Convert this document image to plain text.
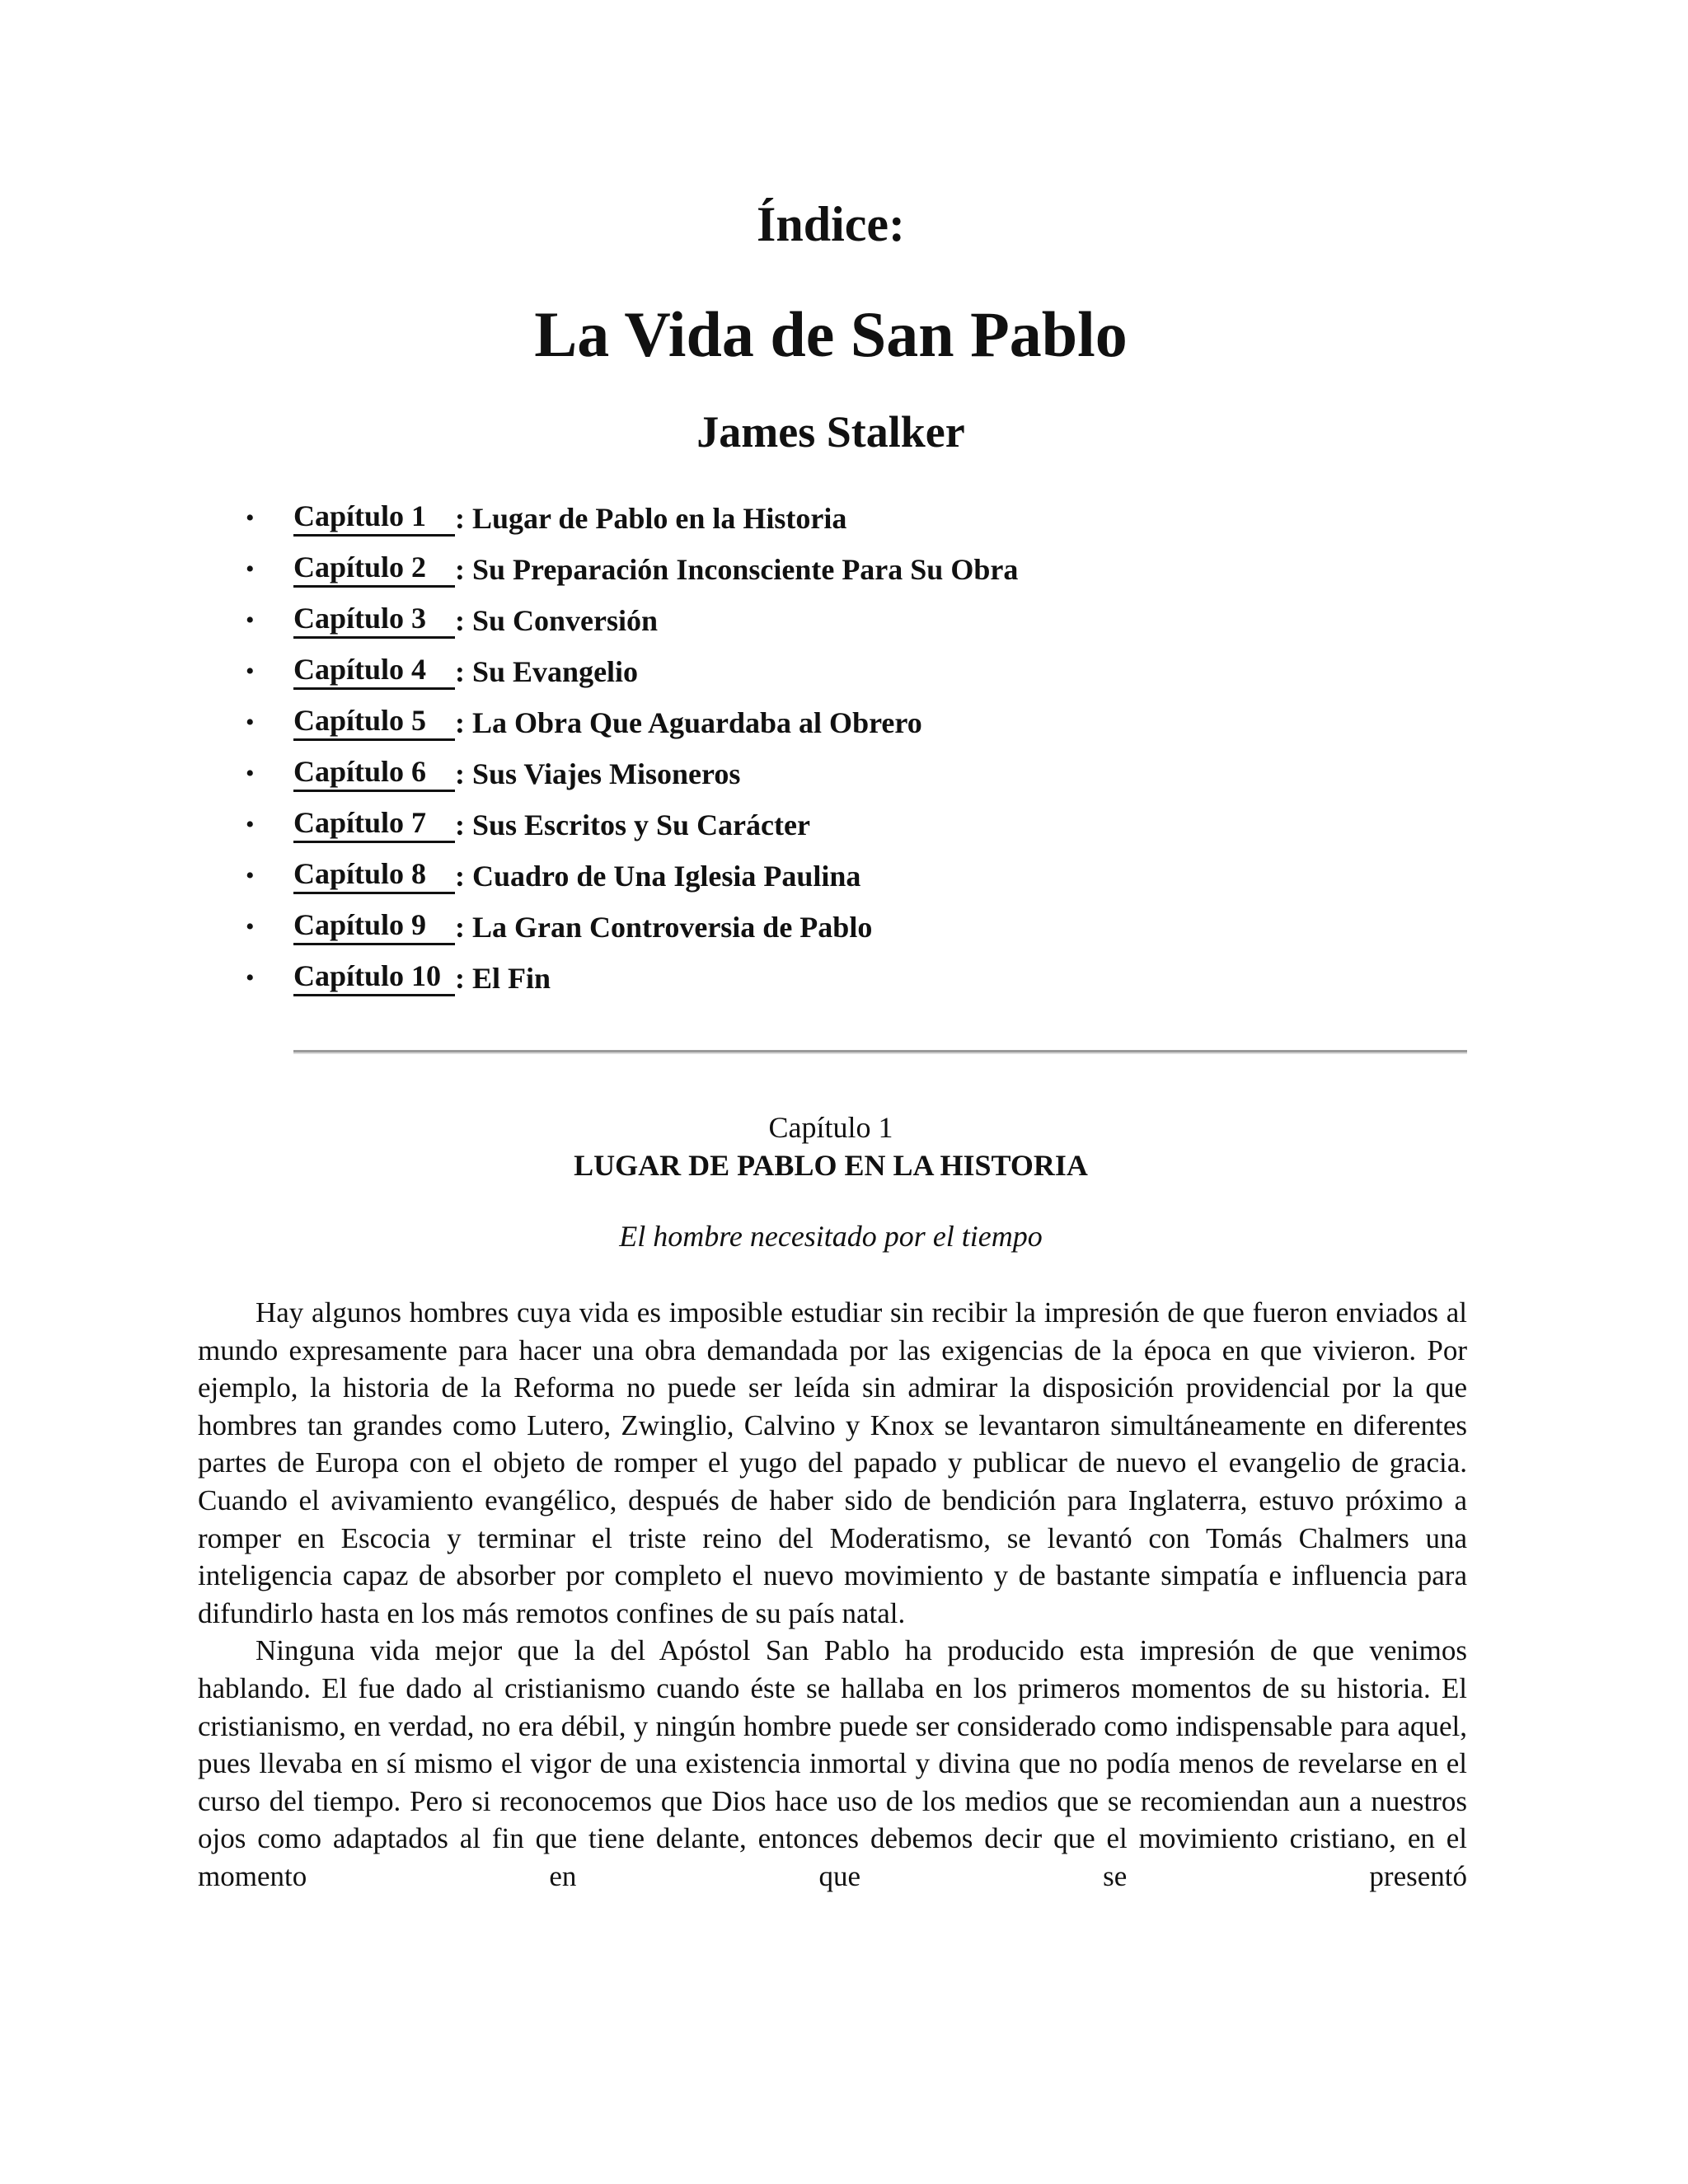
Índice:
La Vida de San Pablo
James Stalker
• Capítulo 1 : Lugar de Pablo en la Historia
• Capítulo 2 : Su Preparación Inconsciente Para Su Obra
• Capítulo 3 : Su Conversión
• Capítulo 4 : Su Evangelio
• Capítulo 5 : La Obra Que Aguardaba al Obrero
• Capítulo 6 : Sus Viajes Misoneros
• Capítulo 7 : Sus Escritos y Su Carácter
• Capítulo 8 : Cuadro de Una Iglesia Paulina
• Capítulo 9 : La Gran Controversia de Pablo
• Capítulo 10 : El Fin
Capítulo 1
LUGAR DE PABLO EN LA HISTORIA
El hombre necesitado por el tiempo

Hay algunos hombres cuya vida es imposible estudiar sin recibir la impresión de que fueron enviados al mundo expresamente para hacer una obra demandada por las exigencias de la época en que vivieron. Por ejemplo, la historia de la Reforma no puede ser leída sin admirar la disposición providencial por la que hombres tan grandes como Lutero, Zwinglio, Calvino y Knox se levantaron simultáneamente en diferentes partes de Europa con el objeto de romper el yugo del papado y publicar de nuevo el evangelio de gracia. Cuando el avivamiento evangélico, después de haber sido de bendición para Inglaterra, estuvo próximo a romper en Escocia y terminar el triste reino del Moderatismo, se levantó con Tomás Chalmers una inteligencia capaz de absorber por completo el nuevo movimiento y de bastante simpatía e influencia para difundirlo hasta en los más remotos confines de su país natal.

Ninguna vida mejor que la del Apóstol San Pablo ha producido esta impresión de que venimos hablando. El fue dado al cristianismo cuando éste se hallaba en los primeros momentos de su historia. El cristianismo, en verdad, no era débil, y ningún hombre puede ser considerado como indispensable para aquel, pues llevaba en sí mismo el vigor de una existencia inmortal y divina que no podía menos de revelarse en el curso del tiempo. Pero si reconocemos que Dios hace uso de los medios que se recomiendan aun a nuestros ojos como adaptados al fin que tiene delante, entonces debemos decir que el movimiento cristiano, en el momento en que se presentó
